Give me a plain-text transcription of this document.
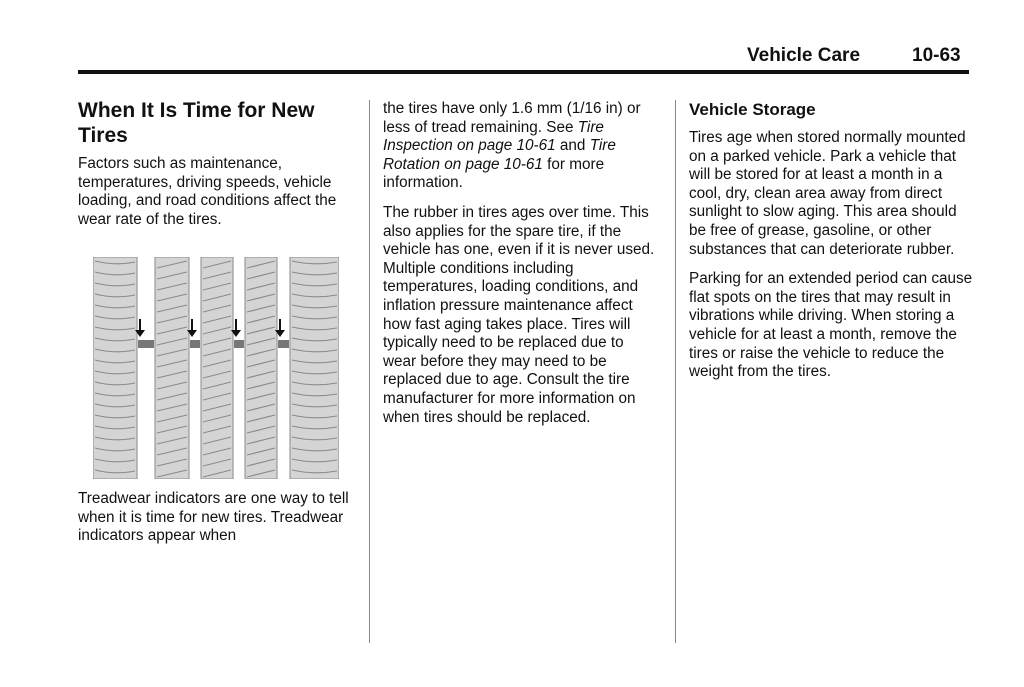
Vehicle Care	10-63
When It Is Time for New Tires

Factors such as maintenance, temperatures, driving speeds, vehicle loading, and road conditions affect the wear rate of the tires.

Treadwear indicators are one way to tell when it is time for new tires. Treadwear indicators appear when

the tires have only 1.6 mm (1/16 in) or less of tread remaining. See Tire Inspection on page 10-61 and Tire Rotation on page 10-61 for more information.

The rubber in tires ages over time. This also applies for the spare tire, if the vehicle has one, even if it is never used. Multiple conditions including temperatures, loading conditions, and inflation pressure maintenance affect how fast aging takes place. Tires will typically need to be replaced due to wear before they may need to be replaced due to age. Consult the tire manufacturer for more information on when tires should be replaced.

Vehicle Storage

Tires age when stored normally mounted on a parked vehicle. Park a vehicle that will be stored for at least a month in a cool, dry, clean area away from direct sunlight to slow aging. This area should be free of grease, gasoline, or other substances that can deteriorate rubber.

Parking for an extended period can cause flat spots on the tires that may result in vibrations while driving. When storing a vehicle for at least a month, remove the tires or raise the vehicle to reduce the weight from the tires.
